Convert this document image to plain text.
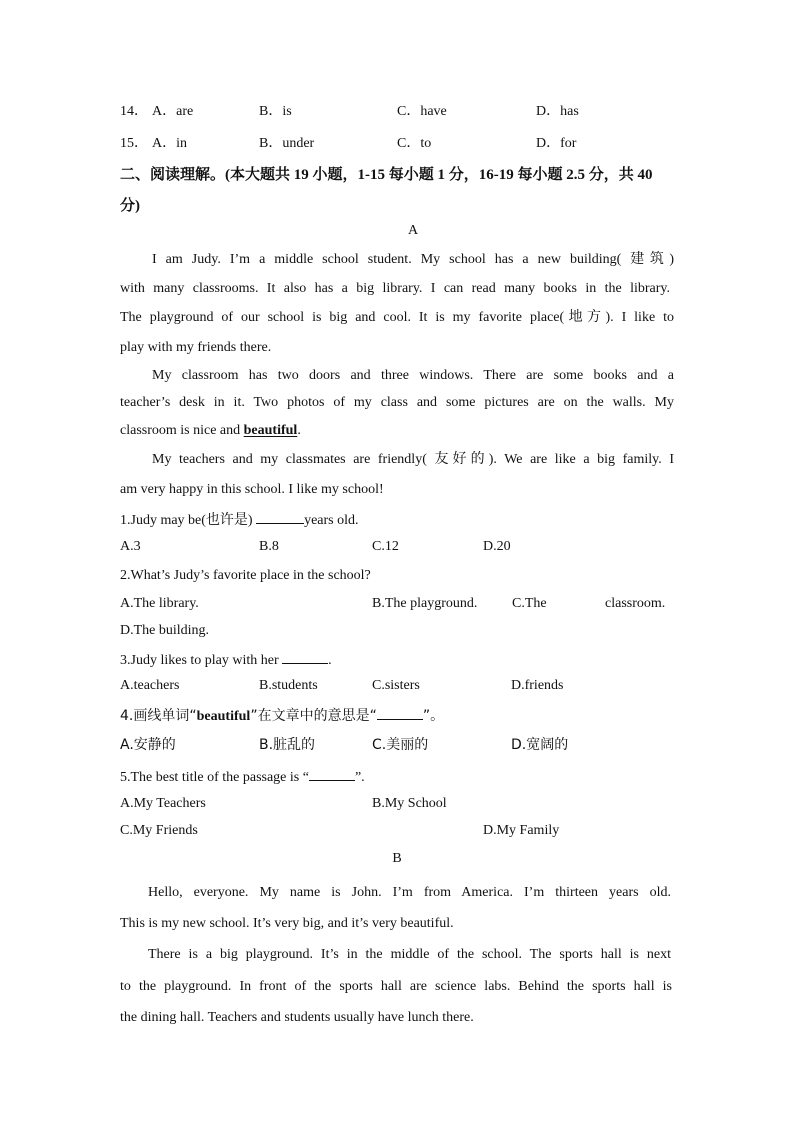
14． A．are	B．is	C．have	D．has
15． A．in	B．under	C．to	D．for
二、阅读理解。(本大题共 19 小题，1-15 每小题 1 分，16-19 每小题 2.5 分，共 40
分)
A
I am Judy. I’m a middle school student. My school has a new building( 建筑)
with many classrooms. It also has a big library. I can read many books in the library.
The playground of our school is big and cool. It is my favorite place(地方). I like to
play with my friends there.
My classroom has two doors and three windows. There are some books and a
teacher’s desk in it. Two photos of my class and some pictures are on the walls. My
classroom is nice and beautiful.
My teachers and my classmates are friendly( 友好的). We are like a big family. I
am very happy in this school. I like my school!
1.Judy may be(也许是)	years old.
A.3	B.8	C.12	D.20
2.What’s Judy’s favorite place in the school?
A.The library.	B.The playground. C.The	classroom.
D.The building.
3.Judy likes to play with her	.
A.teachers	B.students	C.sisters	D.friends
4.画线单词“beautiful”在文章中的意思是“	”。
A.安静的	B.脏乱的	C.美丽的	D.宽阔的
5.The best title of the passage is “	”.
A.My Teachers	B.My School
C.My Friends	D.My Family
B
Hello, everyone. My name is John. I’m from America. I’m thirteen years old.
This is my new school. It’s very big, and it’s very beautiful.
There is a big playground. It’s in the middle of the school. The sports hall is next
to the playground. In front of the sports hall are science labs. Behind the sports hall is
the dining hall. Teachers and students usually have lunch there.
